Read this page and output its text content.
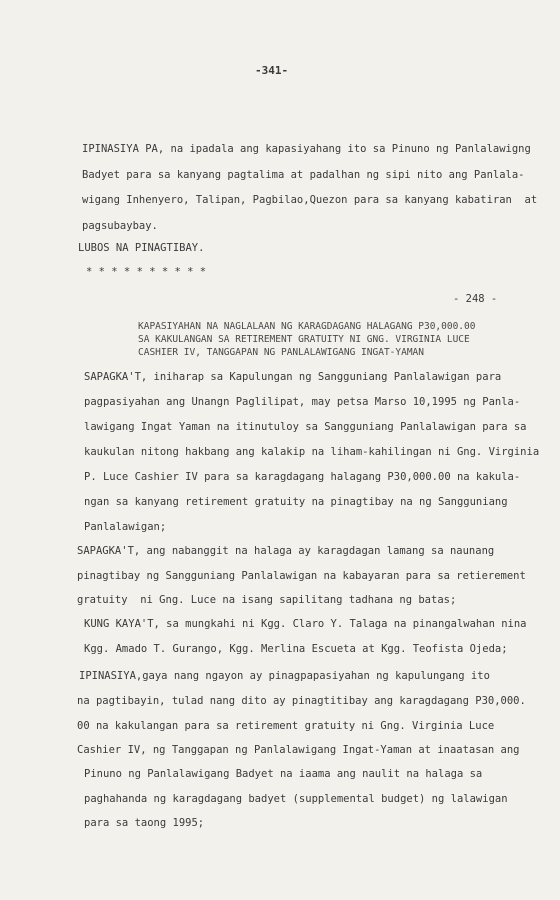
-341-
IPINASIYA PA, na ipadala ang kapasiyahang ito sa Pinuno ng Panlalawigng
Badyet para sa kanyang pagtalima at padalhan ng sipi nito ang Panlala-
wigang Inhenyero, Talipan, Pagbilao,Quezon para sa kanyang kabatiran  at
pagsubaybay.
LUBOS NA PINAGTIBAY.
* * * * * * * * * *
- 248 -
KAPASIYAHAN NA NAGLALAAN NG KARAGDAGANG HALAGANG P30,000.00
SA KAKULANGAN SA RETIREMENT GRATUITY NI GNG. VIRGINIA LUCE
CASHIER IV, TANGGAPAN NG PANLALAWIGANG INGAT-YAMAN
SAPAGKA'T, iniharap sa Kapulungan ng Sangguniang Panlalawigan para
pagpasiyahan ang Unangn Paglilipat, may petsa Marso 10,1995 ng Panla-
lawigang Ingat Yaman na itinutuloy sa Sangguniang Panlalawigan para sa
kaukulan nitong hakbang ang kalakip na liham-kahilingan ni Gng. Virginia
P. Luce Cashier IV para sa karagdagang halagang P30,000.00 na kakula-
ngan sa kanyang retirement gratuity na pinagtibay na ng Sangguniang
Panlalawigan;
SAPAGKA'T, ang nabanggit na halaga ay karagdagan lamang sa naunang
pinagtibay ng Sangguniang Panlalawigan na kabayaran para sa retierement
gratuity  ni Gng. Luce na isang sapilitang tadhana ng batas;
KUNG KAYA'T, sa mungkahi ni Kgg. Claro Y. Talaga na pinangalwahan nina
Kgg. Amado T. Gurango, Kgg. Merlina Escueta at Kgg. Teofista Ojeda;
IPINASIYA,gaya nang ngayon ay pinagpapasiyahan ng kapulungang ito
na pagtibayin, tulad nang dito ay pinagtitibay ang karagdagang P30,000.
00 na kakulangan para sa retirement gratuity ni Gng. Virginia Luce
Cashier IV, ng Tanggapan ng Panlalawigang Ingat-Yaman at inaatasan ang
Pinuno ng Panlalawigang Badyet na iaama ang naulit na halaga sa
paghahanda ng karagdagang badyet (supplemental budget) ng lalawigan
para sa taong 1995;
